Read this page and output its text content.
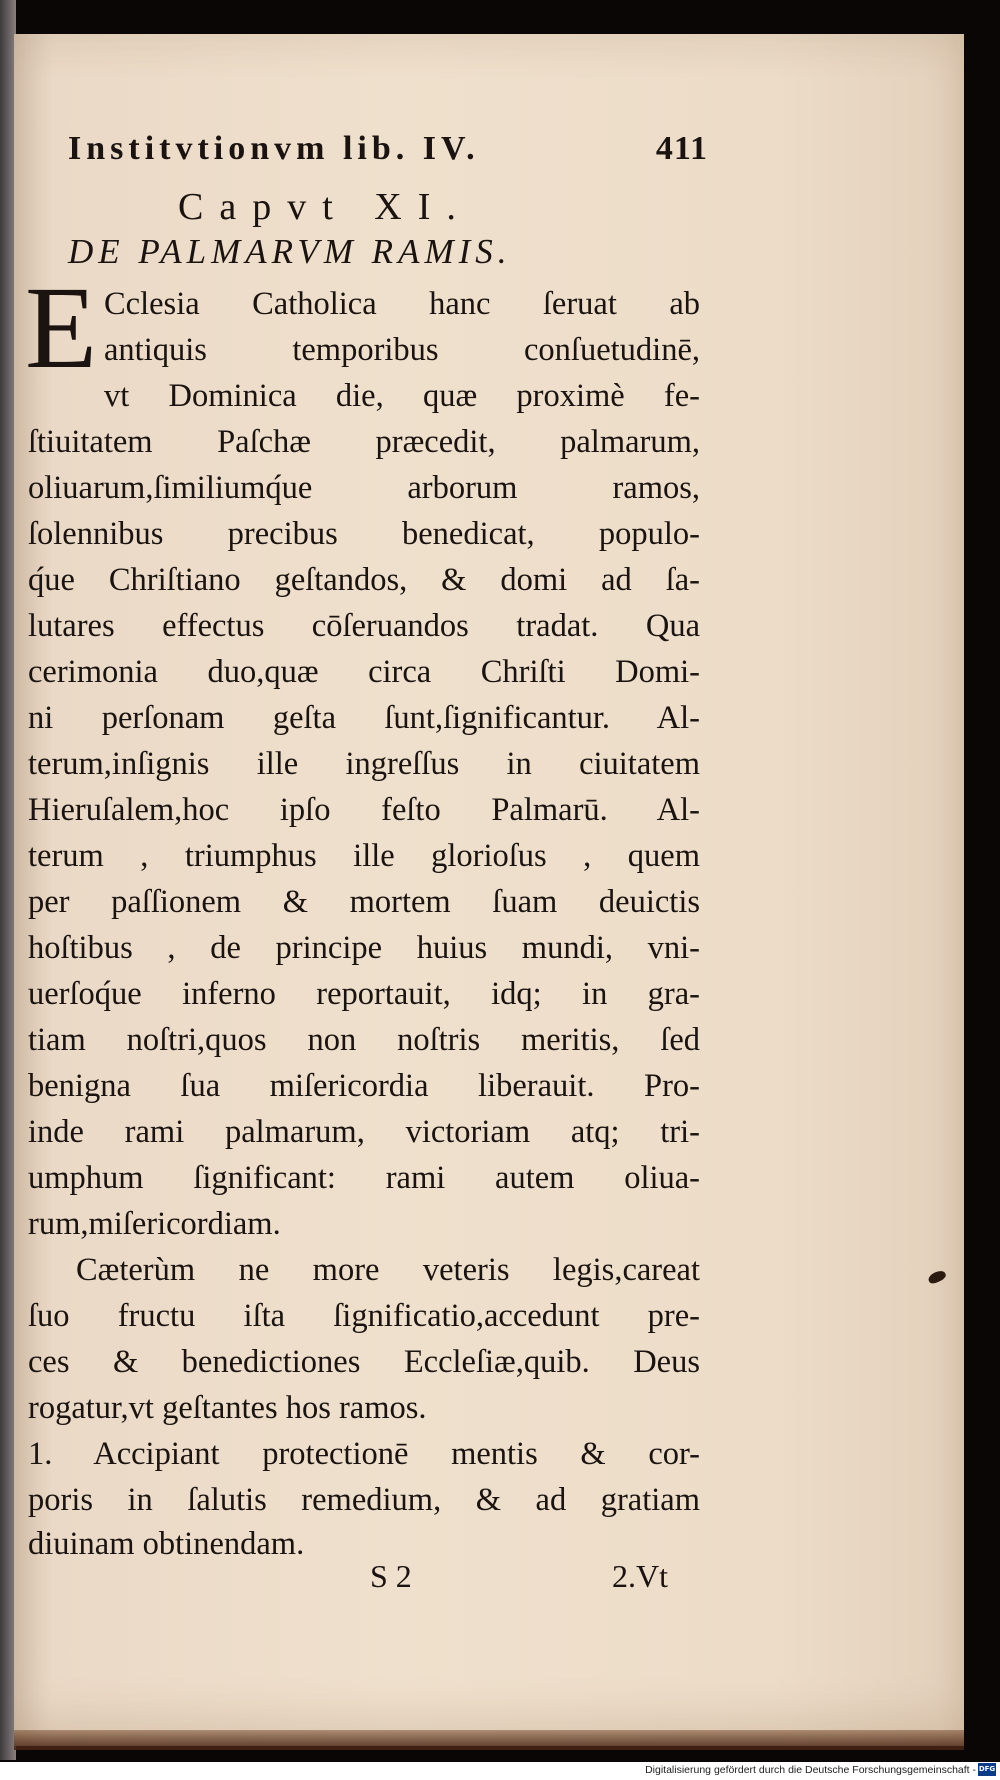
Institvtionvm lib. IV.	411
Capvt XI.
DE PALMARVM RAMIS.
E Cclesia Catholica hanc ſeruat ab
antiquis temporibus conſuetudinē,
vt Dominica die, quæ proximè fe-
ſtiuitatem Paſchæ præcedit, palmarum,
oliuarum,ſimiliumq́ue arborum ramos,
ſolennibus precibus benedicat, populo-
q́ue Chriſtiano geſtandos, & domi ad ſa-
lutares effectus cōſeruandos tradat. Qua
cerimonia duo,quæ circa Chriſti Domi-
ni perſonam geſta ſunt,ſignificantur. Al-
terum,inſignis ille ingreſſus in ciuitatem
Hieruſalem,hoc ipſo feſto Palmarū. Al-
terum , triumphus ille glorioſus , quem
per paſſionem & mortem ſuam deuictis
hoſtibus , de principe huius mundi, vni-
uerſoq́ue inferno reportauit, idq; in gra-
tiam noſtri,quos non noſtris meritis, ſed
benigna ſua miſericordia liberauit. Pro-
inde rami palmarum, victoriam atq; tri-
umphum ſignificant: rami autem oliua-
rum,miſericordiam.
Cæterùm ne more veteris legis,careat
ſuo fructu iſta ſignificatio,accedunt pre-
ces & benedictiones Eccleſiæ,quib. Deus
rogatur,vt geſtantes hos ramos.
1. Accipiant protectionē mentis & cor-
poris in ſalutis remedium, & ad gratiam
diuinam obtinendam.
S 2	2.Vt
Digitalisierung gefördert durch die Deutsche Forschungsgemeinschaft - DFG
